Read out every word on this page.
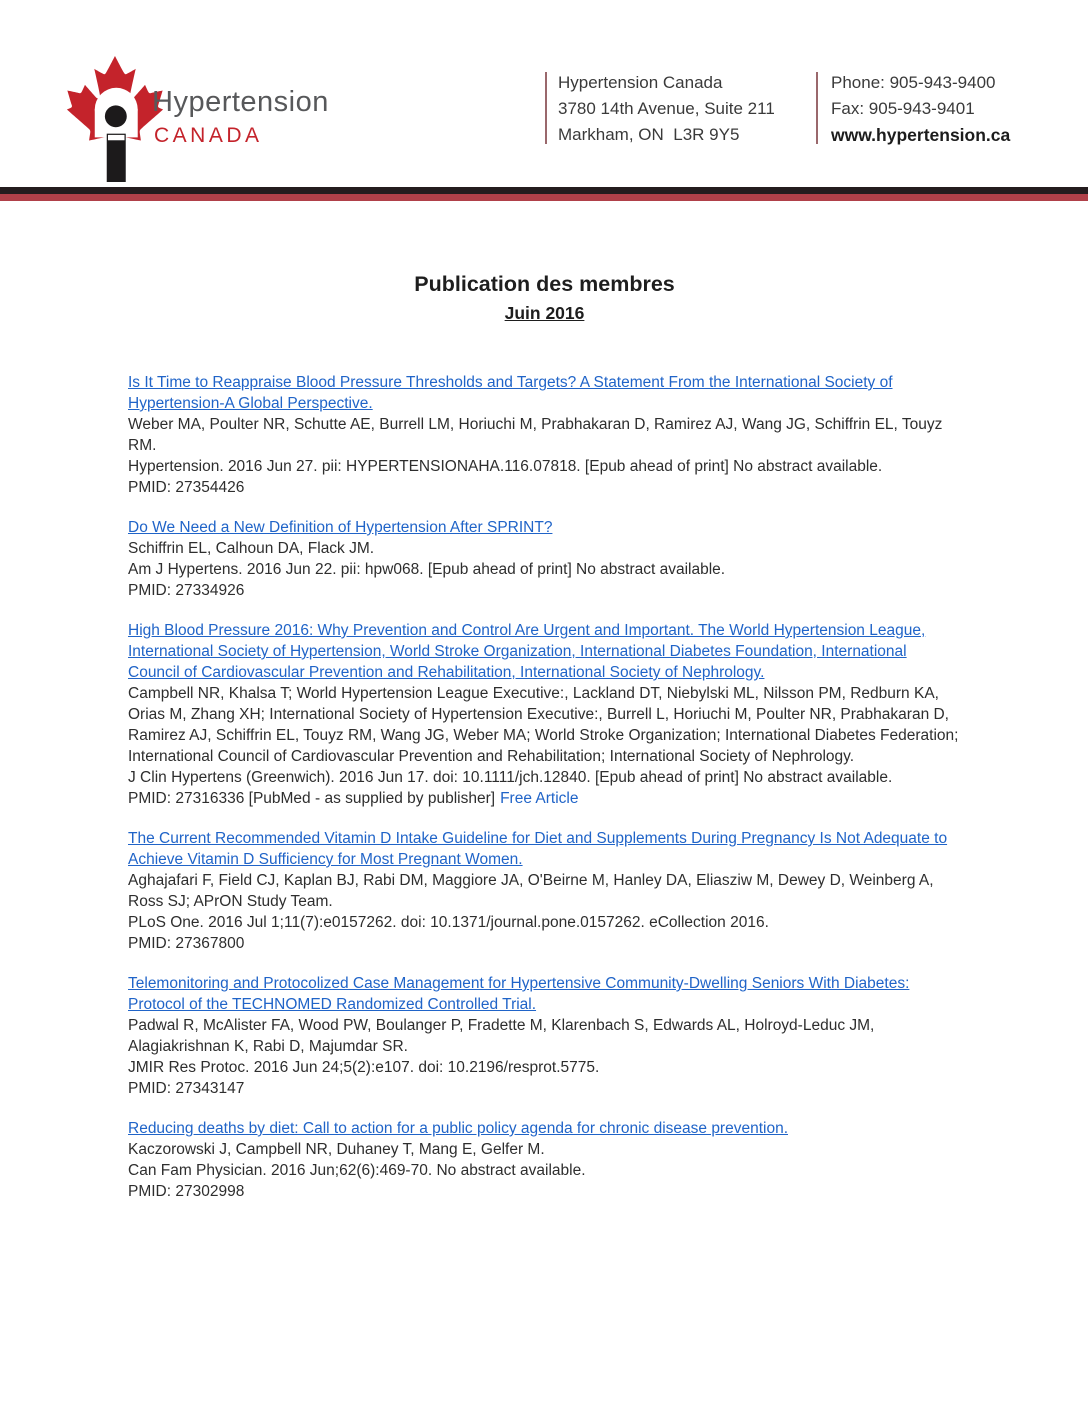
Hypertension
CANADA
Hypertension Canada
3780 14th Avenue, Suite 211
Markham, ON  L3R 9Y5
Phone: 905-943-9400
Fax: 905-943-9401
www.hypertension.ca
Publication des membres
Juin 2016
Is It Time to Reappraise Blood Pressure Thresholds and Targets? A Statement From the International Society of Hypertension-A Global Perspective.
Weber MA, Poulter NR, Schutte AE, Burrell LM, Horiuchi M, Prabhakaran D, Ramirez AJ, Wang JG, Schiffrin EL, Touyz RM.
Hypertension. 2016 Jun 27. pii: HYPERTENSIONAHA.116.07818. [Epub ahead of print] No abstract available.
PMID: 27354426
Do We Need a New Definition of Hypertension After SPRINT?
Schiffrin EL, Calhoun DA, Flack JM.
Am J Hypertens. 2016 Jun 22. pii: hpw068. [Epub ahead of print] No abstract available.
PMID: 27334926
High Blood Pressure 2016: Why Prevention and Control Are Urgent and Important. The World Hypertension League, International Society of Hypertension, World Stroke Organization, International Diabetes Foundation, International Council of Cardiovascular Prevention and Rehabilitation, International Society of Nephrology.
Campbell NR, Khalsa T; World Hypertension League Executive:, Lackland DT, Niebylski ML, Nilsson PM, Redburn KA, Orias M, Zhang XH; International Society of Hypertension Executive:, Burrell L, Horiuchi M, Poulter NR, Prabhakaran D, Ramirez AJ, Schiffrin EL, Touyz RM, Wang JG, Weber MA; World Stroke Organization; International Diabetes Federation; International Council of Cardiovascular Prevention and Rehabilitation; International Society of Nephrology.
J Clin Hypertens (Greenwich). 2016 Jun 17. doi: 10.1111/jch.12840. [Epub ahead of print] No abstract available.
PMID: 27316336 [PubMed - as supplied by publisher] Free Article
The Current Recommended Vitamin D Intake Guideline for Diet and Supplements During Pregnancy Is Not Adequate to Achieve Vitamin D Sufficiency for Most Pregnant Women.
Aghajafari F, Field CJ, Kaplan BJ, Rabi DM, Maggiore JA, O'Beirne M, Hanley DA, Eliasziw M, Dewey D, Weinberg A, Ross SJ; APrON Study Team.
PLoS One. 2016 Jul 1;11(7):e0157262. doi: 10.1371/journal.pone.0157262. eCollection 2016.
PMID: 27367800
Telemonitoring and Protocolized Case Management for Hypertensive Community-Dwelling Seniors With Diabetes: Protocol of the TECHNOMED Randomized Controlled Trial.
Padwal R, McAlister FA, Wood PW, Boulanger P, Fradette M, Klarenbach S, Edwards AL, Holroyd-Leduc JM, Alagiakrishnan K, Rabi D, Majumdar SR.
JMIR Res Protoc. 2016 Jun 24;5(2):e107. doi: 10.2196/resprot.5775.
PMID: 27343147
Reducing deaths by diet: Call to action for a public policy agenda for chronic disease prevention.
Kaczorowski J, Campbell NR, Duhaney T, Mang E, Gelfer M.
Can Fam Physician. 2016 Jun;62(6):469-70. No abstract available.
PMID: 27302998
